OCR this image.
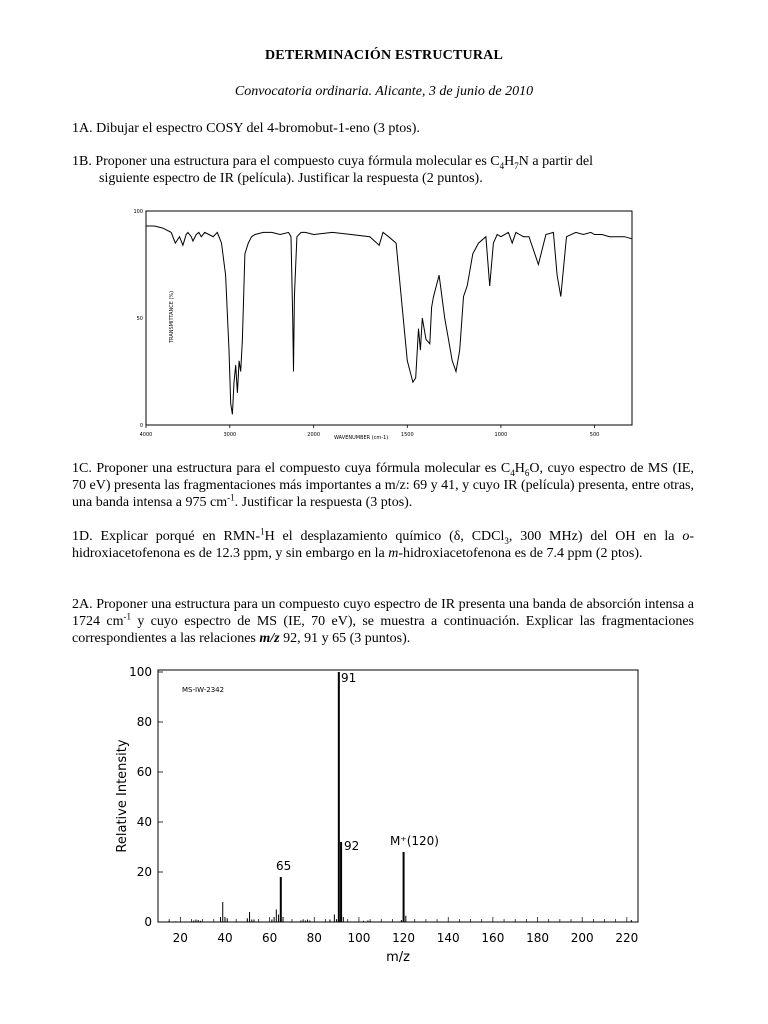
DETERMINACIÓN ESTRUCTURAL
Convocatoria ordinaria. Alicante, 3 de junio de 2010
1A. Dibujar el espectro COSY del 4-bromobut-1-eno (3 ptos).
1B. Proponer una estructura para el compuesto cuya fórmula molecular es $C_4H_7N$ a partir del
siguiente espectro de IR (película). Justificar la respuesta (2 puntos).
4000	3000	2000	1500	1000	500
0
50
100
TRANSMITTANCE (%)
WAVENUMBER (cm-1)
1C. Proponer una estructura para el compuesto cuya fórmula molecular es $C_4H_6O$, cuyo espectro de MS (IE, 70 eV) presenta las fragmentaciones más importantes a m/z: 69 y 41, y cuyo IR (película) presenta, entre otras, una banda intensa a 975 $cm^{-1}$. Justificar la respuesta (3 ptos).
1D. Explicar porqué en RMN-$^1$H el desplazamiento químico (δ, CDCl$_3$, 300 MHz) del OH en la o-hidroxiacetofenona es de 12.3 ppm, y sin embargo en la m-hidroxiacetofenona es de 7.4 ppm (2 ptos).
2A. Proponer una estructura para un compuesto cuyo espectro de IR presenta una banda de absorción intensa a 1724 $cm^{-1}$ y cuyo espectro de MS (IE, 70 eV), se muestra a continuación. Explicar las fragmentaciones correspondientes a las relaciones m/z 92, 91 y 65 (3 puntos).
20 40 60 80 100 120 140 160 180 200 220
0
20
40
60
80
100
MS-IW-2342
91
92
65
M⁺(120)
Relative Intensity
m/z
